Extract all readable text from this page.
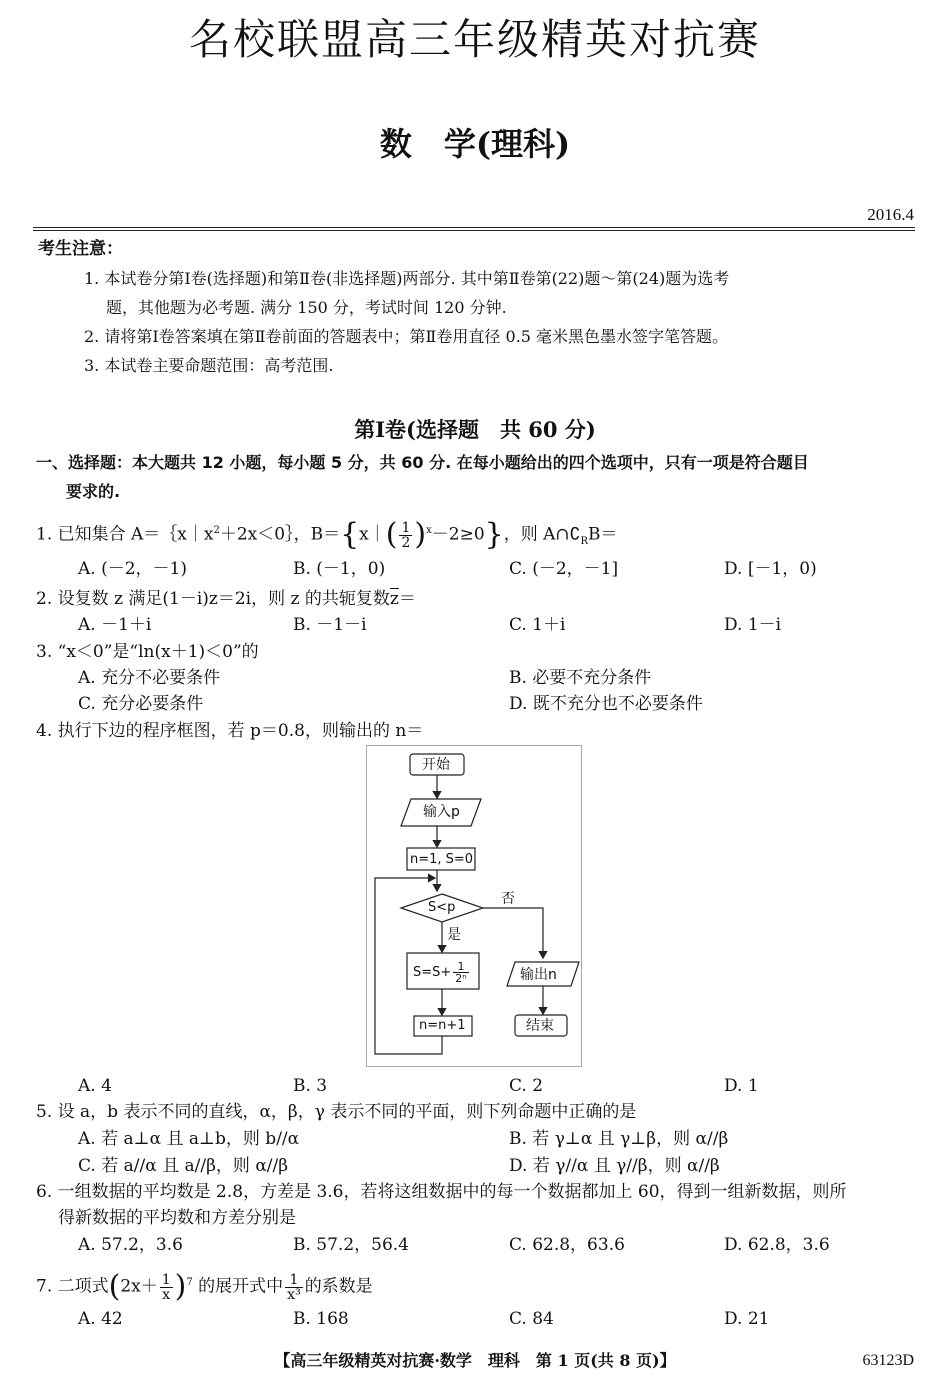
名校联盟高三年级精英对抗赛
数　学(理科)
2016.4
考生注意：
1. 本试卷分第Ⅰ卷(选择题)和第Ⅱ卷(非选择题)两部分. 其中第Ⅱ卷第(22)题～第(24)题为选考
题，其他题为必考题. 满分 150 分，考试时间 120 分钟.
2. 请将第Ⅰ卷答案填在第Ⅱ卷前面的答题表中；第Ⅱ卷用直径 0.5 毫米黑色墨水签字笔答题。
3. 本试卷主要命题范围：高考范围.
第Ⅰ卷(选择题　共 60 分)
一、选择题：本大题共 12 小题，每小题 5 分，共 60 分. 在每小题给出的四个选项中，只有一项是符合题目
要求的.
1. 已知集合 $A=\{x|x^2+2x<0\}$，B＝{x｜( $\frac{1}{2} )^x-2\ge 0$}，则 $A\cap∁_RB=$
A. (－2，－1)	B. (－1，0)	C. (－2，－1]	D. [－1，0)
2. 设复数 z 满足(1－i)z＝2i，则 z 的共轭复数$\overline{z}=$
A. －1＋i	B. －1－i	C. 1＋i	D. 1－i
3. “x＜0”是“ln(x＋1)＜0”的
A. 充分不必要条件	B. 必要不充分条件
C. 充分必要条件	D. 既不充分也不必要条件
4. 执行下边的程序框图，若 p＝0.8，则输出的 n＝
开始
输入p
n=1, S=0
S<p
是
否
$S=S+ \frac{1}{\text{2ⁿ}}$
n=n+1
输出n
结束
A. 4	B. 3	C. 2	D. 1
5. 设 a，b 表示不同的直线，α，β，γ 表示不同的平面，则下列命题中正确的是
A. 若 a⊥α 且 a⊥b，则 b//α	B. 若 γ⊥α 且 γ⊥β，则 α//β
C. 若 a//α 且 a//β，则 α//β	D. 若 γ//α 且 γ//β，则 α//β
6. 一组数据的平均数是 2.8，方差是 3.6，若将这组数据中的每一个数据都加上 60，得到一组新数据，则所
得新数据的平均数和方差分别是
A. 57.2，3.6	B. 57.2，56.4	C. 62.8，63.6	D. 62.8，3.6
7. 二项式$(2x+ \frac{1}{x} )^7$ 的展开式中 $\frac{1}{\text{x³}}$ 的系数是
A. 42	B. 168	C. 84	D. 21
【高三年级精英对抗赛·数学　理科　第 1 页(共 8 页)】	63123D
